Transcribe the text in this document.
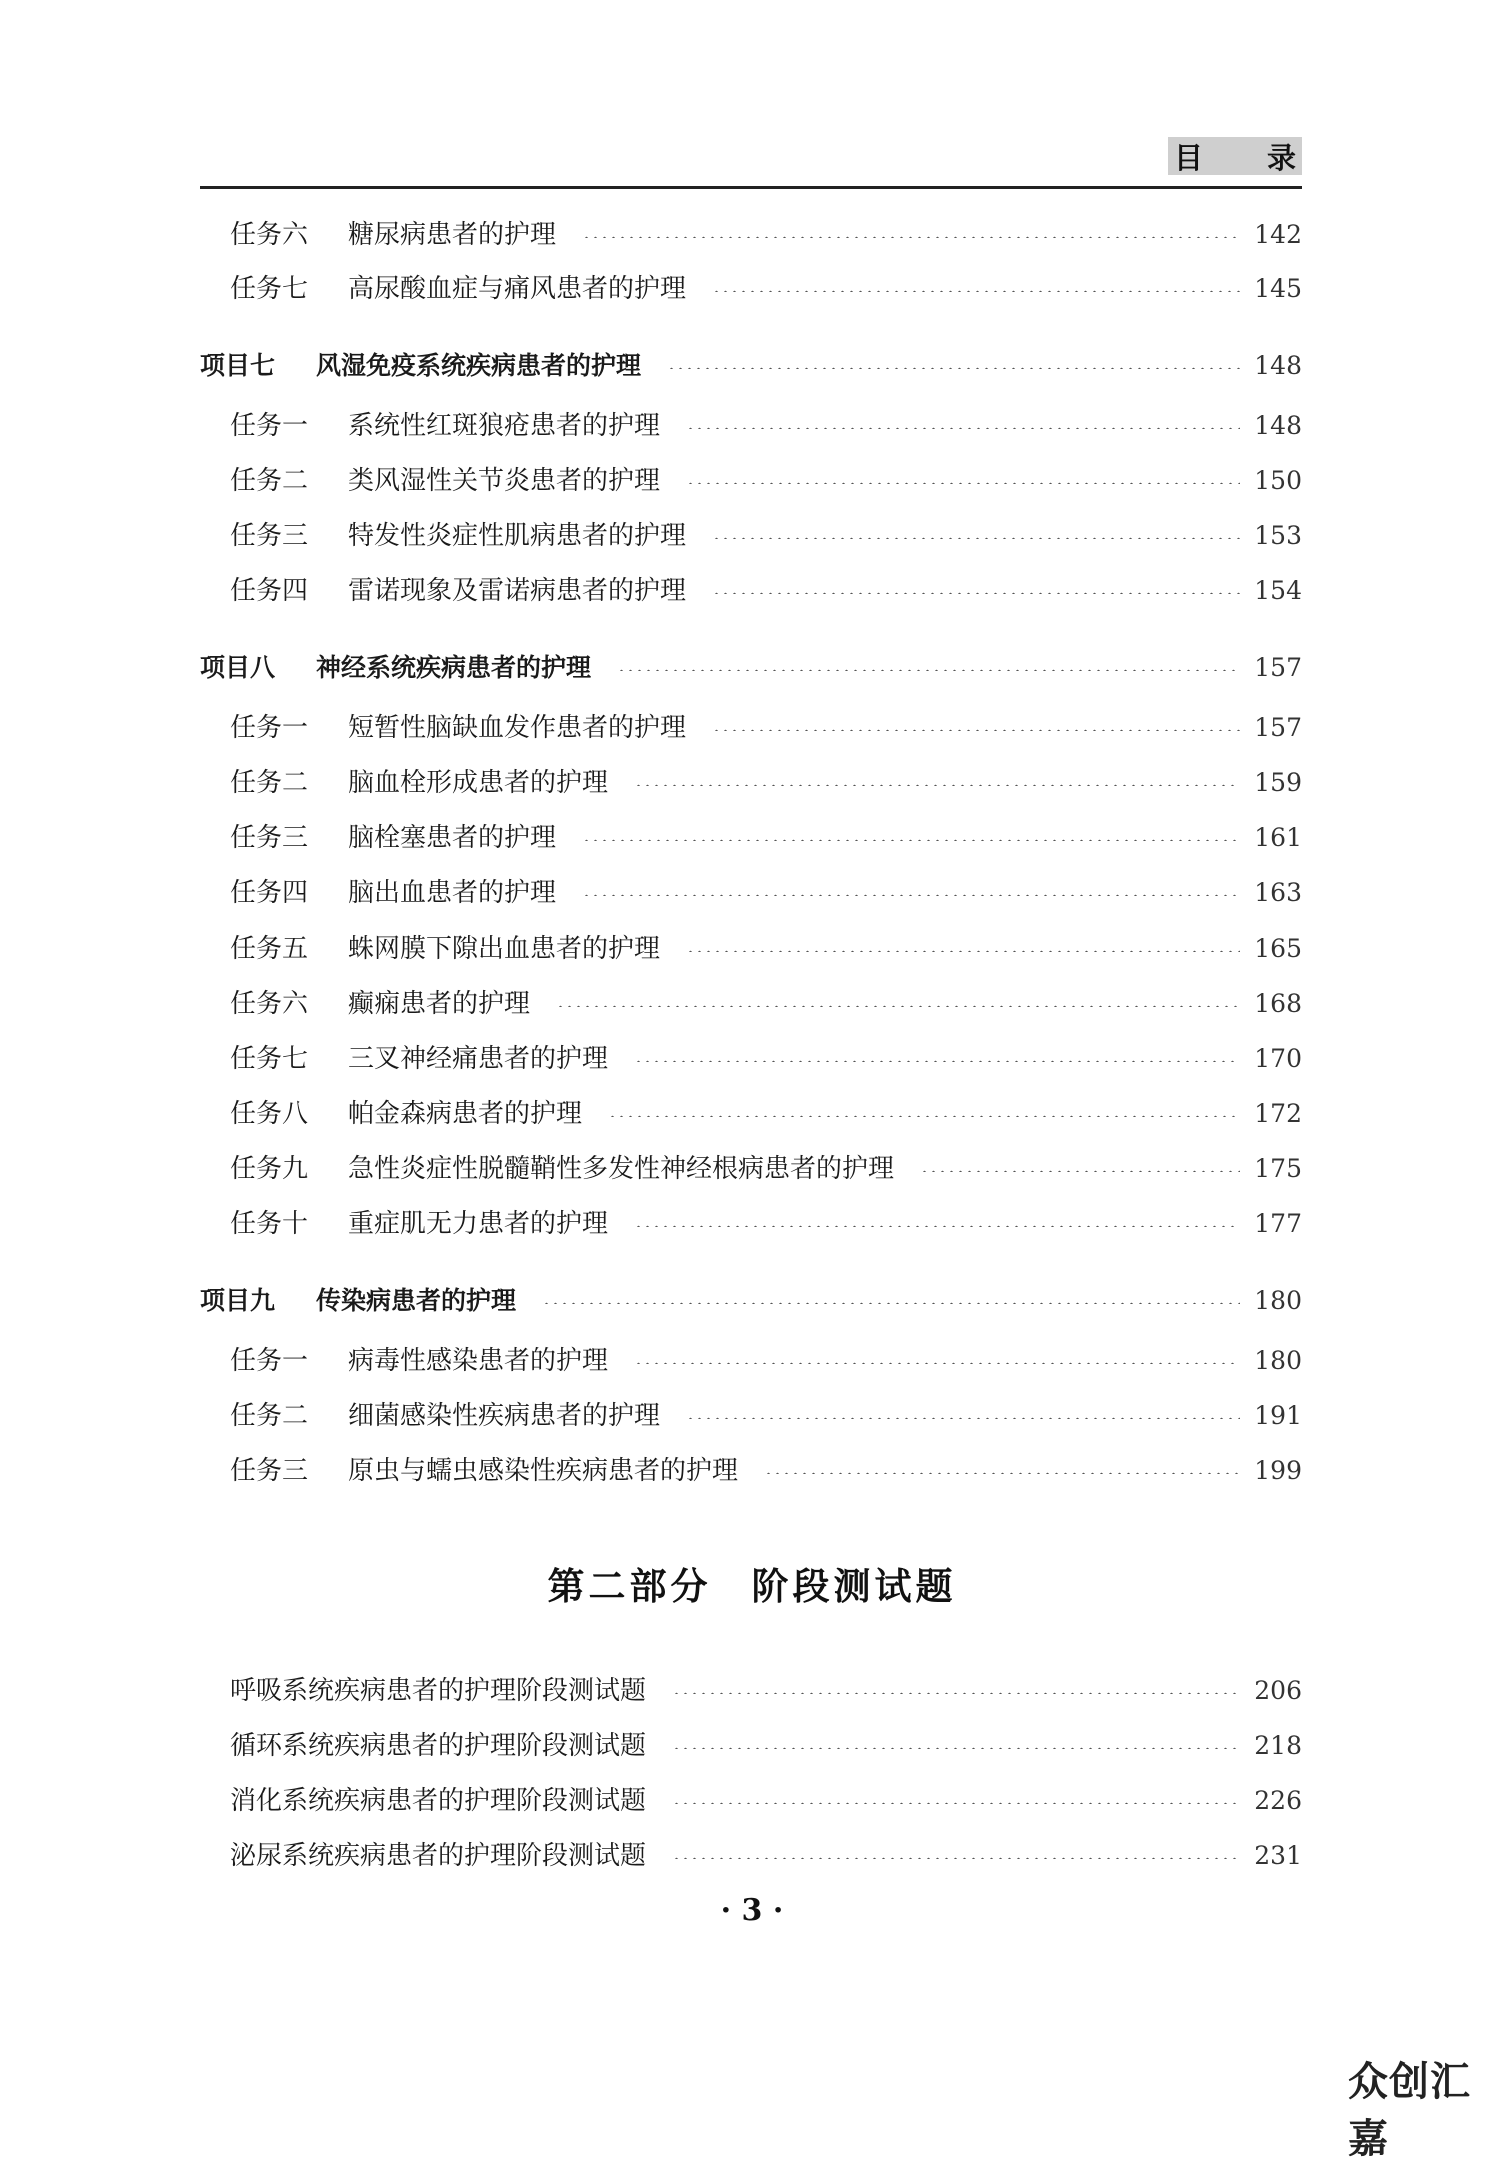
目 录
任务六 糖尿病患者的护理	142
任务七 高尿酸血症与痛风患者的护理	145
项目七 风湿免疫系统疾病患者的护理	148
任务一 系统性红斑狼疮患者的护理	148
任务二 类风湿性关节炎患者的护理	150
任务三 特发性炎症性肌病患者的护理	153
任务四 雷诺现象及雷诺病患者的护理	154
项目八 神经系统疾病患者的护理	157
任务一 短暂性脑缺血发作患者的护理	157
任务二 脑血栓形成患者的护理	159
任务三 脑栓塞患者的护理	161
任务四 脑出血患者的护理	163
任务五 蛛网膜下隙出血患者的护理	165
任务六 癫痫患者的护理	168
任务七 三叉神经痛患者的护理	170
任务八 帕金森病患者的护理	172
任务九 急性炎症性脱髓鞘性多发性神经根病患者的护理	175
任务十 重症肌无力患者的护理	177
项目九 传染病患者的护理	180
任务一 病毒性感染患者的护理	180
任务二 细菌感染性疾病患者的护理	191
任务三 原虫与蠕虫感染性疾病患者的护理	199
呼吸系统疾病患者的护理阶段测试题	206
循环系统疾病患者的护理阶段测试题	218
消化系统疾病患者的护理阶段测试题	226
泌尿系统疾病患者的护理阶段测试题	231
第二部分 阶段测试题
· 3 ·
众创汇嘉
